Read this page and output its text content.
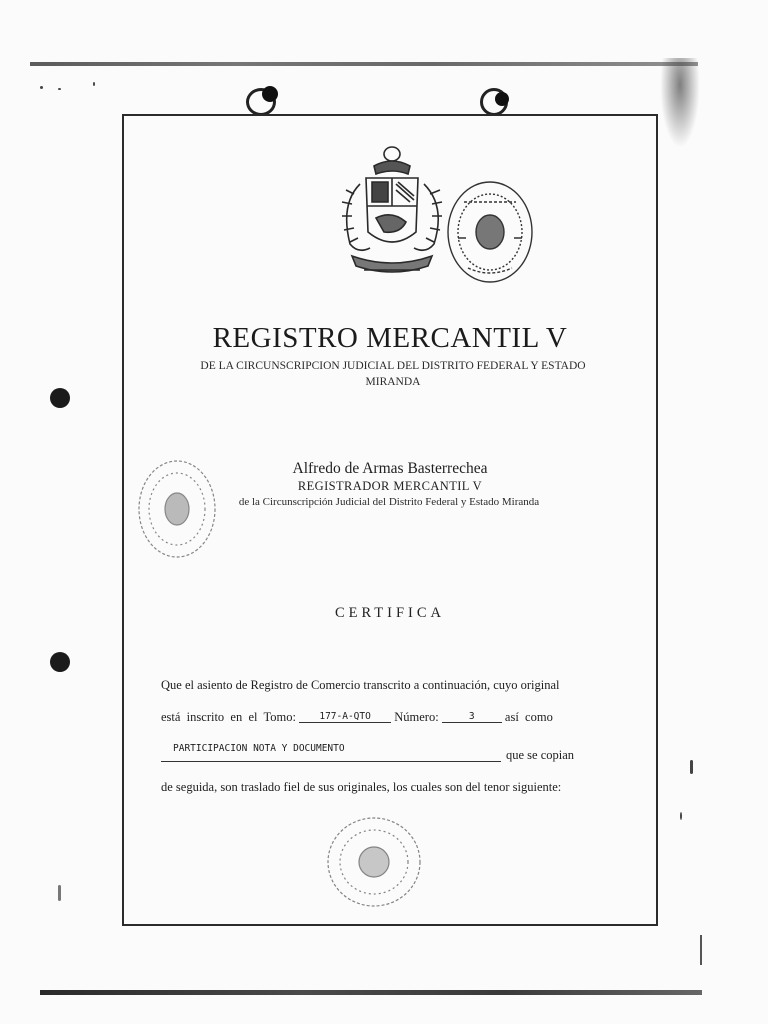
REGISTRO MERCANTIL V
DE LA CIRCUNSCRIPCION JUDICIAL DEL DISTRITO FEDERAL Y ESTADO
MIRANDA
Alfredo de Armas Basterrechea
REGISTRADOR MERCANTIL V
de la Circunscripción Judicial del Distrito Federal y Estado Miranda
CERTIFICA
Que el asiento de Registro de Comercio transcrito a continuación, cuyo original
está  inscrito  en  el  Tomo: 177-A-QTO Número:	3 así  como
PARTICIPACION NOTA Y DOCUMENTO	que se copian
de seguida, son traslado fiel de sus originales, los cuales son del tenor siguiente:
